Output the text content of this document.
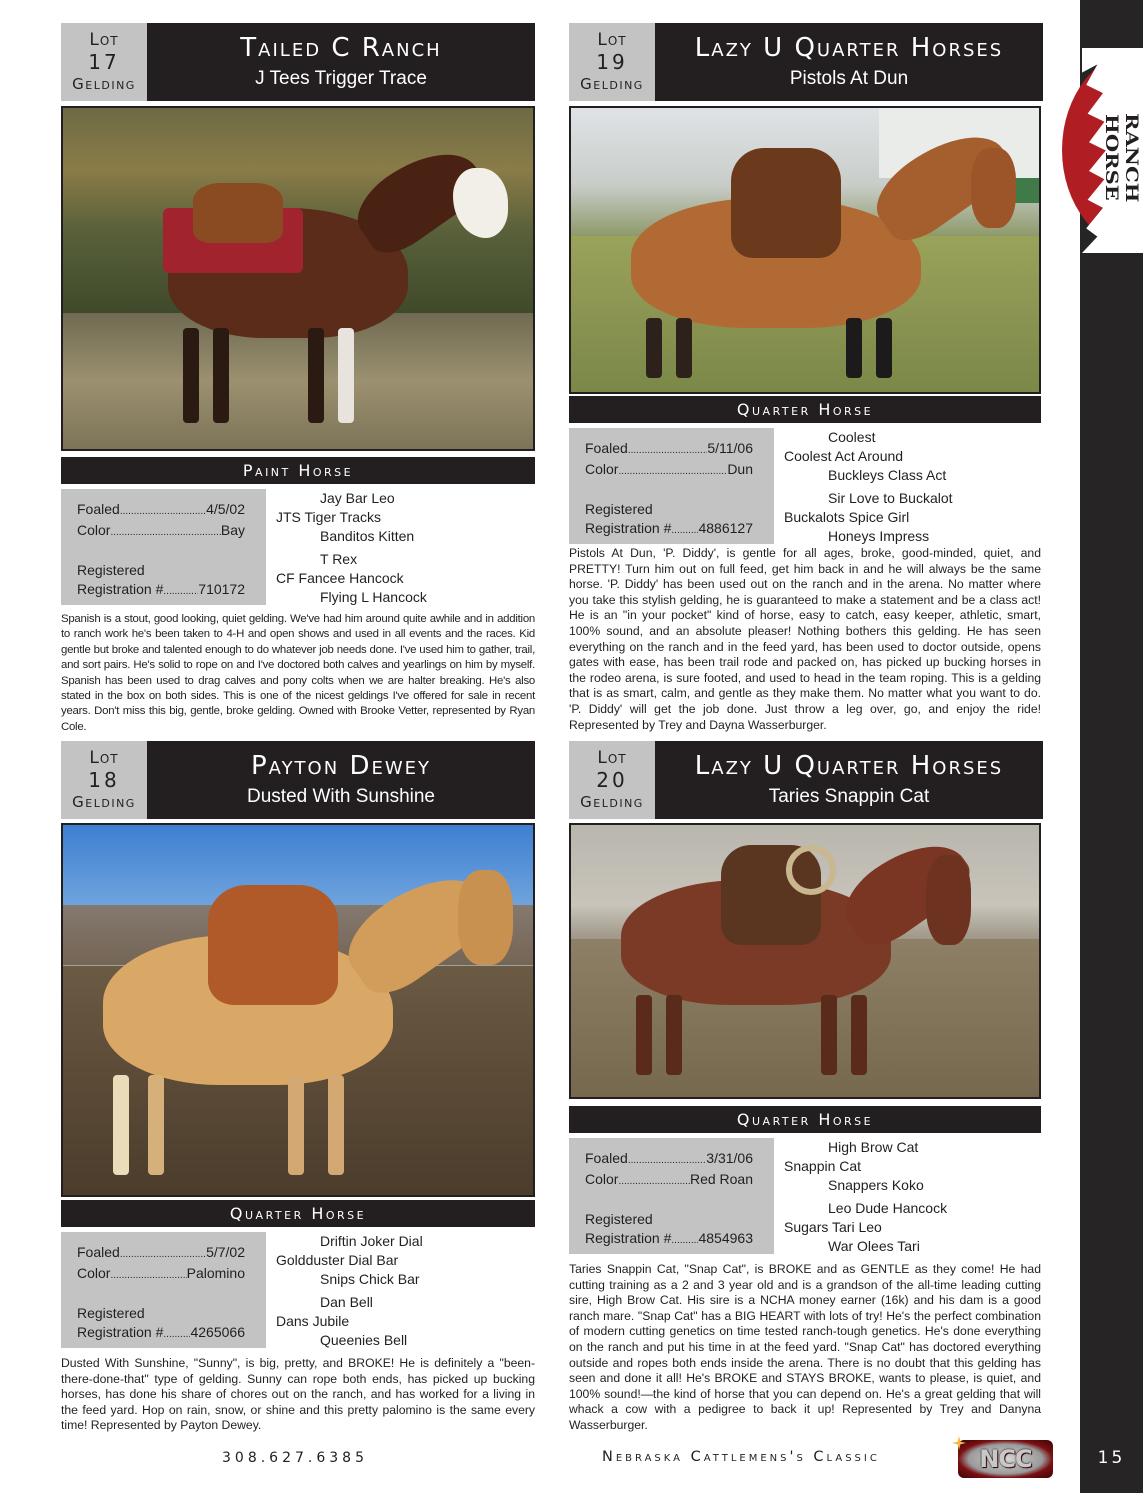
RANCH HORSE
Lot
17
Gelding
Tailed C Ranch
J Tees Trigger Trace
Paint Horse
Foaled .....	4/5/02
Color .....	Bay
Registered
Registration # ..... 710172
Jay Bar Leo
JTS Tiger Tracks
Banditos Kitten
T Rex
CF Fancee Hancock
Flying L Hancock
Spanish is a stout, good looking, quiet gelding. We've had him around quite awhile and in addition to ranch work he's been taken to 4-H and open shows and used in all events and the races. Kid gentle but broke and talented enough to do whatever job needs done. I've used him to gather, trail, and sort pairs. He's solid to rope on and I've doctored both calves and yearlings on him by myself. Spanish has been used to drag calves and pony colts when we are halter breaking. He's also stated in the box on both sides. This is one of the nicest geldings I've offered for sale in recent years. Don't miss this big, gentle, broke gelding. Owned with Brooke Vetter, represented by Ryan Cole.
Lot
19
Gelding
Lazy U Quarter Horses
Pistols At Dun
Quarter Horse
Foaled .....	5/11/06
Color .....	Dun
Registered
Registration # ..... 4886127
Coolest
Coolest Act Around
Buckleys Class Act
Sir Love to Buckalot
Buckalots Spice Girl
Honeys Impress
Pistols At Dun, 'P. Diddy', is gentle for all ages, broke, good-minded, quiet, and PRETTY! Turn him out on full feed, get him back in and he will always be the same horse. 'P. Diddy' has been used out on the ranch and in the arena. No matter where you take this stylish gelding, he is guaranteed to make a statement and be a class act! He is an "in your pocket" kind of horse, easy to catch, easy keeper, athletic, smart, 100% sound, and an absolute pleaser! Nothing bothers this gelding. He has seen everything on the ranch and in the feed yard, has been used to doctor outside, opens gates with ease, has been trail rode and packed on, has picked up bucking horses in the rodeo arena, is sure footed, and used to head in the team roping. This is a gelding that is as smart, calm, and gentle as they make them. No matter what you want to do. 'P. Diddy' will get the job done. Just throw a leg over, go, and enjoy the ride! Represented by Trey and Dayna Wasserburger.
Lot
18
Gelding
Payton Dewey
Dusted With Sunshine
Quarter Horse
Foaled .....	5/7/02
Color .....	Palomino
Registered
Registration # ..... 4265066
Driftin Joker Dial
Goldduster Dial Bar
Snips Chick Bar
Dan Bell
Dans Jubile
Queenies Bell
Dusted With Sunshine, "Sunny", is big, pretty, and BROKE! He is definitely a "been-there-done-that" type of gelding. Sunny can rope both ends, has picked up bucking horses, has done his share of chores out on the ranch, and has worked for a living in the feed yard. Hop on rain, snow, or shine and this pretty palomino is the same every time! Represented by Payton Dewey.
Lot
20
Gelding
Lazy U Quarter Horses
Taries Snappin Cat
Quarter Horse
Foaled .....	3/31/06
Color .....	Red Roan
Registered
Registration # ..... 4854963
High Brow Cat
Snappin Cat
Snappers Koko
Leo Dude Hancock
Sugars Tari Leo
War Olees Tari
Taries Snappin Cat, "Snap Cat", is BROKE and as GENTLE as they come! He had cutting training as a 2 and 3 year old and is a grandson of the all-time leading cutting sire, High Brow Cat. His sire is a NCHA money earner (16k) and his dam is a good ranch mare. "Snap Cat" has a BIG HEART with lots of try! He's the perfect combination of modern cutting genetics on time tested ranch-tough genetics. He's done everything on the ranch and put his time in at the feed yard. "Snap Cat" has doctored everything outside and ropes both ends inside the arena. There is no doubt that this gelding has seen and done it all! He's BROKE and STAYS BROKE, wants to please, is quiet, and 100% sound!—the kind of horse that you can depend on. He's a great gelding that will whack a cow with a pedigree to back it up! Represented by Trey and Danyna Wasserburger.
308.627.6385	Nebraska Cattlemens's Classic	NCC	15
